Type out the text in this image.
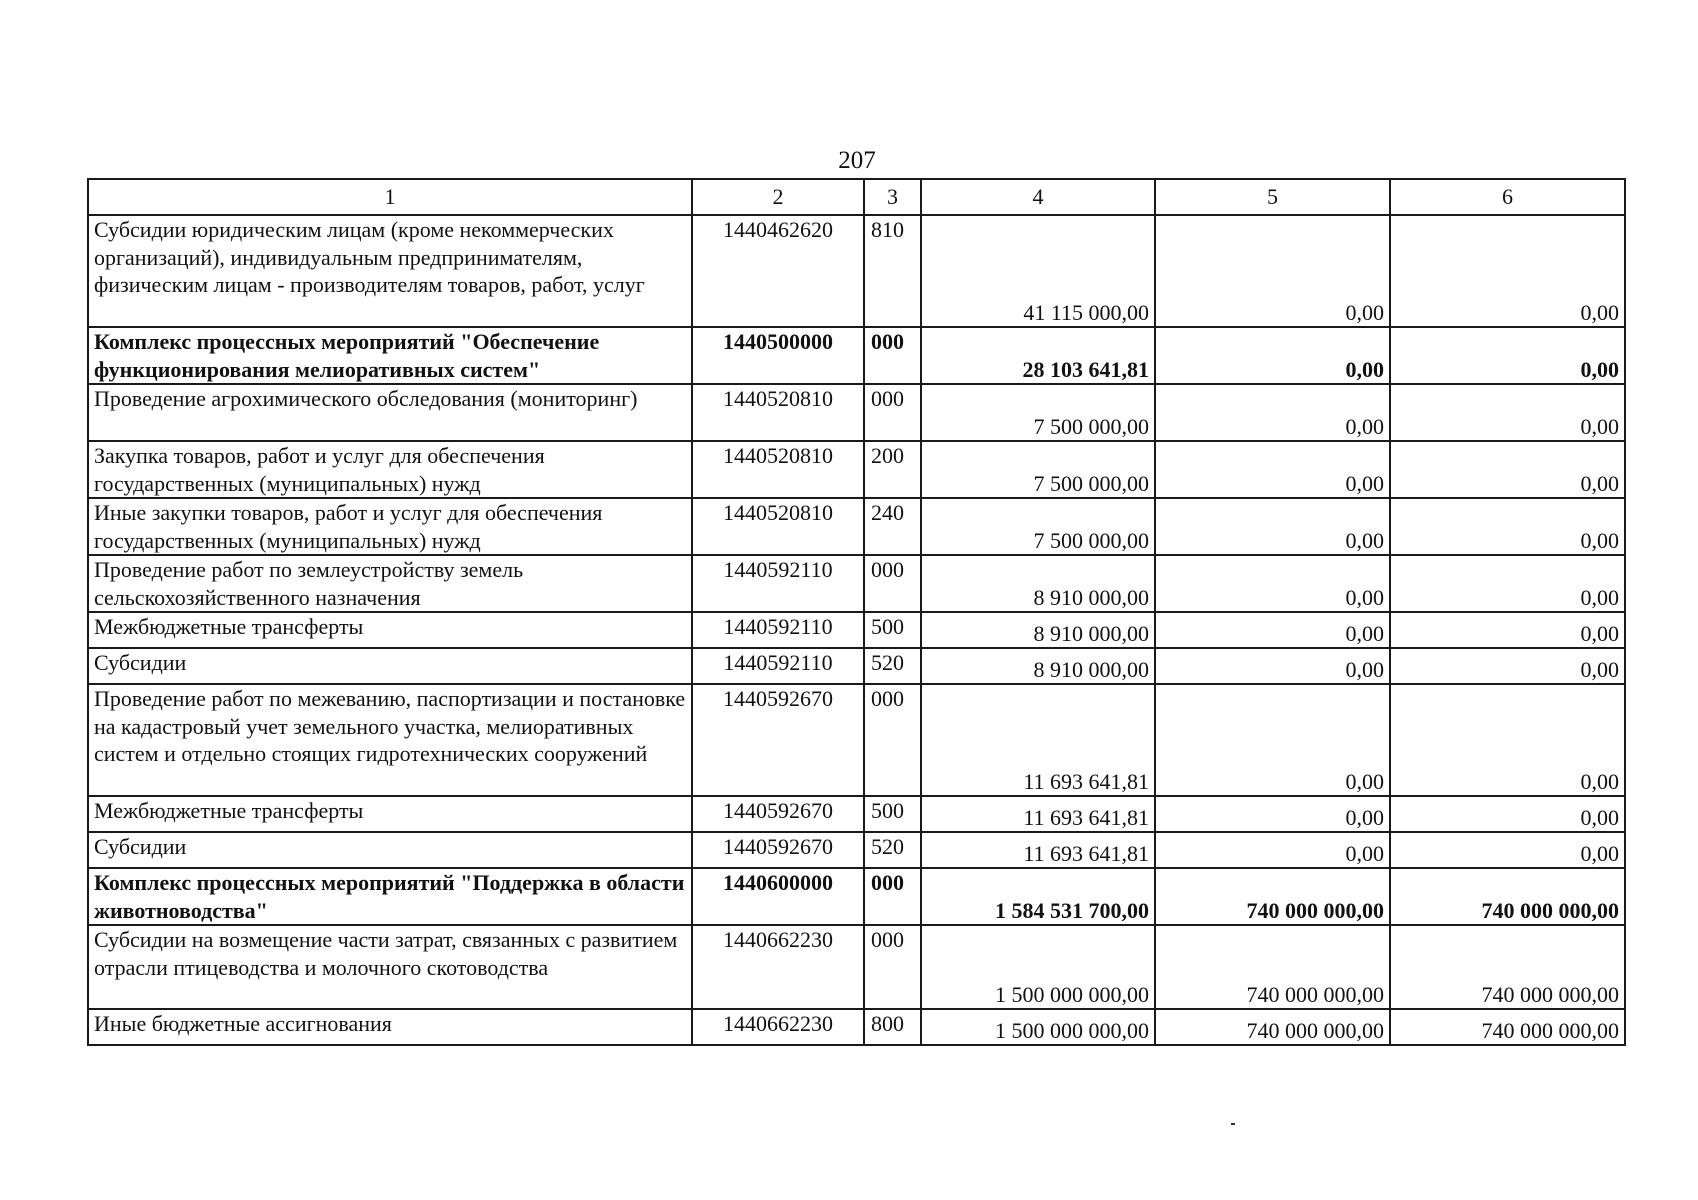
207
1	2	3	4	5	6
Субсидии юридическим лицам (кроме некоммерческих организаций), индивидуальным предпринимателям, физическим лицам - производителям товаров, работ, услуг	1440462620	810	41 115 000,00	0,00	0,00
Комплекс процессных мероприятий "Обеспечение функционирования мелиоративных систем"	1440500000	000	28 103 641,81	0,00	0,00
Проведение агрохимического обследования (мониторинг)	1440520810	000	7 500 000,00	0,00	0,00
Закупка товаров, работ и услуг для обеспечения государственных (муниципальных) нужд	1440520810	200	7 500 000,00	0,00	0,00
Иные закупки товаров, работ и услуг для обеспечения государственных (муниципальных) нужд	1440520810	240	7 500 000,00	0,00	0,00
Проведение работ по землеустройству земель сельскохозяйственного назначения	1440592110	000	8 910 000,00	0,00	0,00
Межбюджетные трансферты	1440592110	500	8 910 000,00	0,00	0,00
Субсидии	1440592110	520	8 910 000,00	0,00	0,00
Проведение работ по межеванию, паспортизации и постановке на кадастровый учет земельного участка, мелиоративных систем и отдельно стоящих гидротехнических сооружений	1440592670	000	11 693 641,81	0,00	0,00
Межбюджетные трансферты	1440592670	500	11 693 641,81	0,00	0,00
Субсидии	1440592670	520	11 693 641,81	0,00	0,00
Комплекс процессных мероприятий "Поддержка в области животноводства"	1440600000	000	1 584 531 700,00	740 000 000,00	740 000 000,00
Субсидии на возмещение части затрат, связанных с развитием отрасли птицеводства и молочного скотоводства	1440662230	000	1 500 000 000,00	740 000 000,00	740 000 000,00
Иные бюджетные ассигнования	1440662230	800	1 500 000 000,00	740 000 000,00	740 000 000,00
